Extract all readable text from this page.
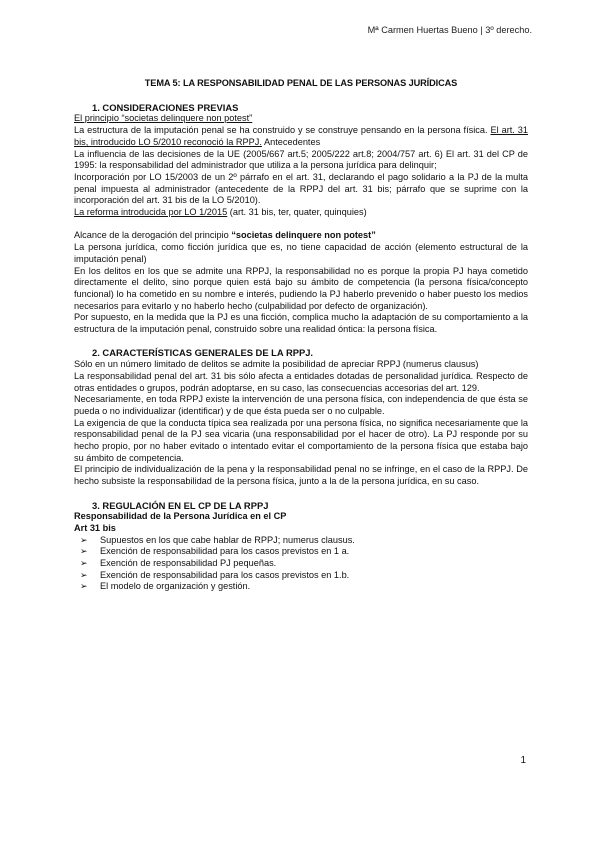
Mª Carmen Huertas Bueno | 3º derecho.
TEMA 5: LA RESPONSABILIDAD PENAL DE LAS PERSONAS JURÍDICAS
1. CONSIDERACIONES PREVIAS

El principio “societas delinquere non potest”

La estructura de la imputación penal se ha construido y se construye pensando en la persona física. El art. 31 bis, introducido LO 5/2010 reconoció la RPPJ. Antecedentes

La influencia de las decisiones de la UE (2005/667 art.5; 2005/222 art.8; 2004/757 art. 6) El art. 31 del CP de 1995: la responsabilidad del administrador que utiliza a la persona jurídica para delinquir;

Incorporación por LO 15/2003 de un 2º párrafo en el art. 31, declarando el pago solidario a la PJ de la multa penal impuesta al administrador (antecedente de la RPPJ del art. 31 bis; párrafo que se suprime con la incorporación del art. 31 bis de la LO 5/2010).

La reforma introducida por LO 1/2015 (art. 31 bis, ter, quater, quinquies)

Alcance de la derogación del principio “societas delinquere non potest”

La persona jurídica, como ficción jurídica que es, no tiene capacidad de acción (elemento estructural de la imputación penal)

En los delitos en los que se admite una RPPJ, la responsabilidad no es porque la propia PJ haya cometido directamente el delito, sino porque quien está bajo su ámbito de competencia (la persona física/concepto funcional) lo ha cometido en su nombre e interés, pudiendo la PJ haberlo prevenido o haber puesto los medios necesarios para evitarlo y no haberlo hecho (culpabilidad por defecto de organización).

Por supuesto, en la medida que la PJ es una ficción, complica mucho la adaptación de su comportamiento a la estructura de la imputación penal, construido sobre una realidad óntica: la persona física.

2. CARACTERÍSTICAS GENERALES DE LA RPPJ.

Sólo en un número limitado de delitos se admite la posibilidad de apreciar RPPJ (numerus clausus)

La responsabilidad penal del art. 31 bis sólo afecta a entidades dotadas de personalidad jurídica. Respecto de otras entidades o grupos, podrán adoptarse, en su caso, las consecuencias accesorias del art. 129.

Necesariamente, en toda RPPJ existe la intervención de una persona física, con independencia de que ésta se pueda o no individualizar (identificar) y de que ésta pueda ser o no culpable.

La exigencia de que la conducta típica sea realizada por una persona física, no significa necesariamente que la responsabilidad penal de la PJ sea vicaria (una responsabilidad por el hacer de otro). La PJ responde por su hecho propio, por no haber evitado o intentado evitar el comportamiento de la persona física que estaba bajo su ámbito de competencia.

El principio de individualización de la pena y la responsabilidad penal no se infringe, en el caso de la RPPJ. De hecho subsiste la responsabilidad de la persona física, junto a la de la persona jurídica, en su caso.

3. REGULACIÓN EN EL CP DE LA RPPJ

Responsabilidad de la Persona Jurídica en el CP

Art 31 bis

➢	Supuestos en los que cabe hablar de RPPJ; numerus clausus.
➢	Exención de responsabilidad para los casos previstos en 1 a.
➢	Exención de responsabilidad PJ pequeñas.
➢	Exención de responsabilidad para los casos previstos en 1.b.
➢	El modelo de organización y gestión.
1
